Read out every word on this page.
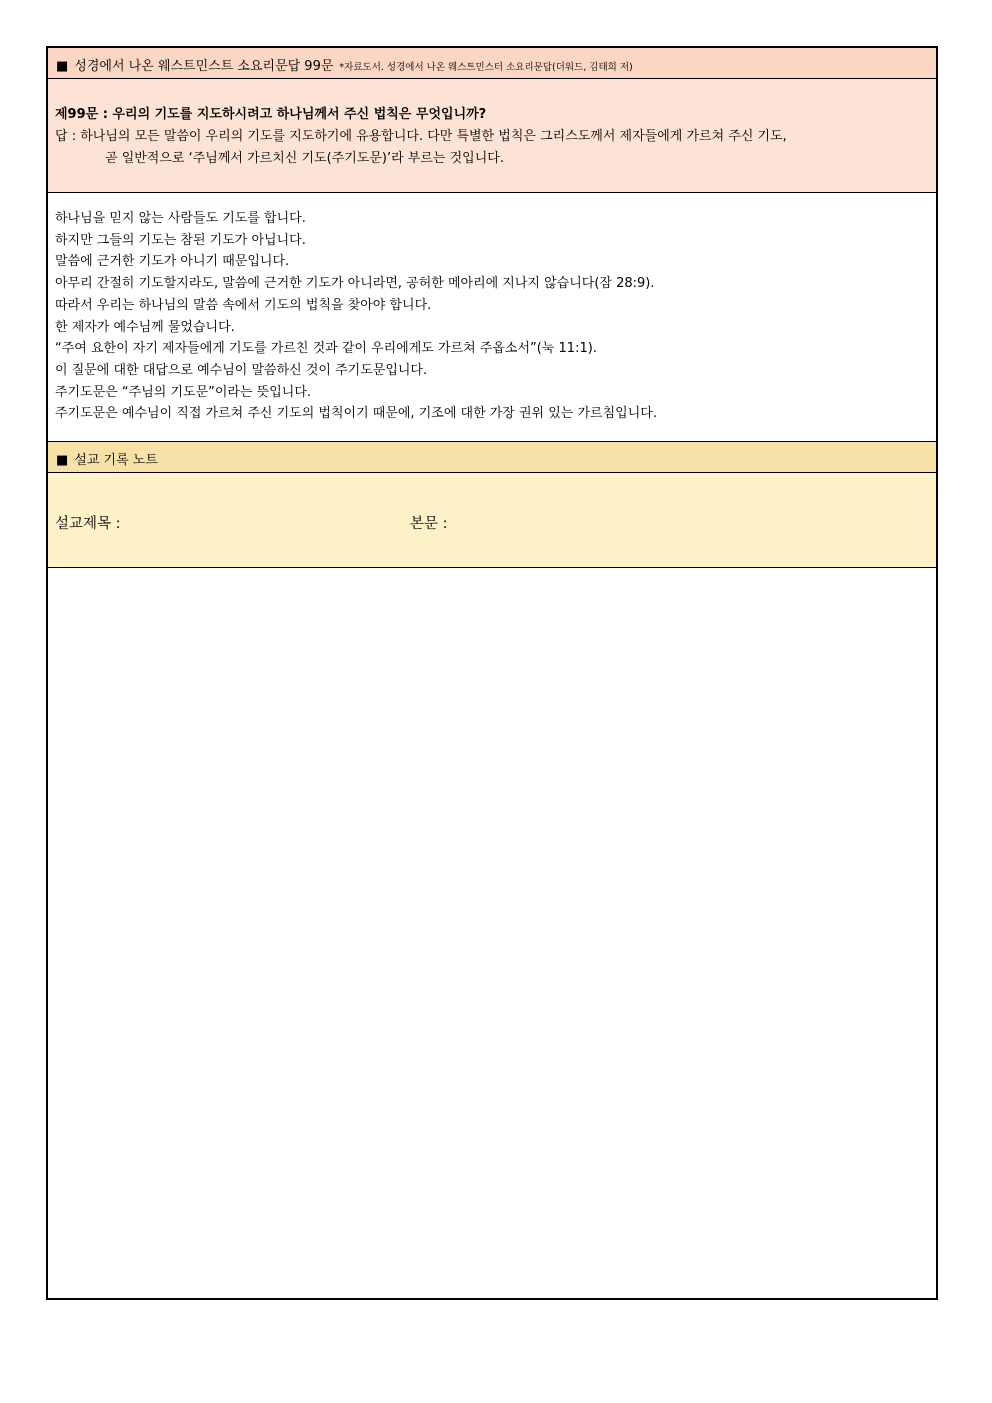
■ 성경에서 나온 웨스트민스트 소요리문답 99문 *자료도서. 성경에서 나온 웨스트민스터 소요리문답(더워드, 김태희 저)
제99문 : 우리의 기도를 지도하시려고 하나님께서 주신 법칙은 무엇입니까?
답 : 하나님의 모든 말씀이 우리의 기도를 지도하기에 유용합니다. 다만 특별한 법칙은 그리스도께서 제자들에게 가르쳐 주신 기도,
곧 일반적으로 ‘주님께서 가르치신 기도(주기도문)’라 부르는 것입니다.
하나님을 믿지 않는 사람들도 기도를 합니다.
하지만 그들의 기도는 참된 기도가 아닙니다.
말씀에 근거한 기도가 아니기 때문입니다.
아무리 간절히 기도할지라도, 말씀에 근거한 기도가 아니라면, 공허한 메아리에 지나지 않습니다(잠 28:9).
따라서 우리는 하나님의 말씀 속에서 기도의 법칙을 찾아야 합니다.
한 제자가 예수님께 물었습니다.
“주여 요한이 자기 제자들에게 기도를 가르친 것과 같이 우리에게도 가르쳐 주옵소서”(눅 11:1).
이 질문에 대한 대답으로 예수님이 말씀하신 것이 주기도문입니다.
주기도문은 “주님의 기도문”이라는 뜻입니다.
주기도문은 예수님이 직접 가르쳐 주신 기도의 법칙이기 때문에, 기조에 대한 가장 권위 있는 가르침입니다.
■ 설교 기록 노트
설교제목 :	본문 :
